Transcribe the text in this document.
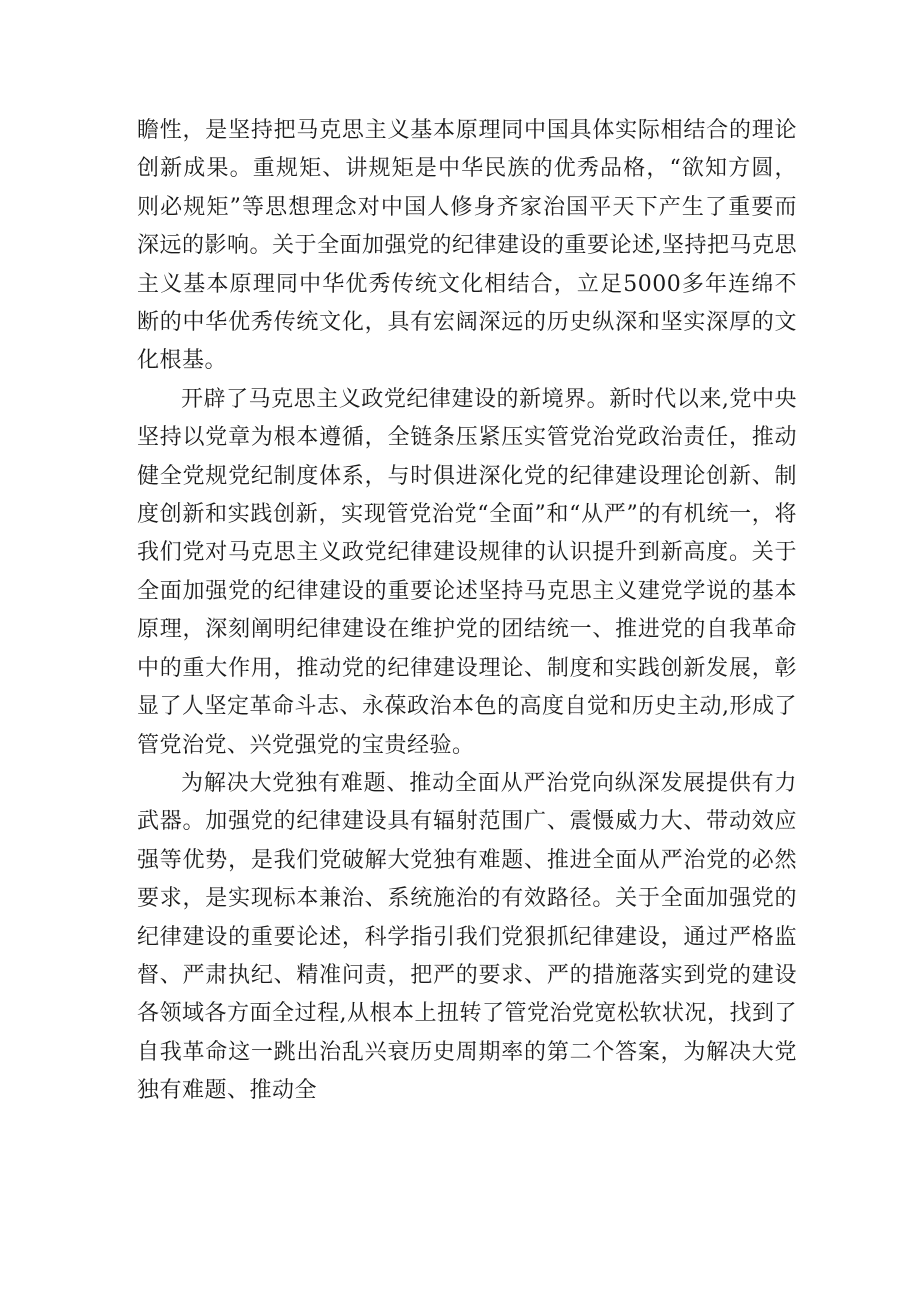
瞻性，是坚持把马克思主义基本原理同中国具体实际相结合的理论创新成果。重规矩、讲规矩是中华民族的优秀品格，“欲知方圆，则必规矩”等思想理念对中国人修身齐家治国平天下产生了重要而深远的影响。关于全面加强党的纪律建设的重要论述,坚持把马克思主义基本原理同中华优秀传统文化相结合，立足5000多年连绵不断的中华优秀传统文化，具有宏阔深远的历史纵深和坚实深厚的文化根基。

开辟了马克思主义政党纪律建设的新境界。新时代以来,党中央坚持以党章为根本遵循，全链条压紧压实管党治党政治责任，推动健全党规党纪制度体系，与时俱进深化党的纪律建设理论创新、制度创新和实践创新，实现管党治党“全面”和“从严”的有机统一，将我们党对马克思主义政党纪律建设规律的认识提升到新高度。关于全面加强党的纪律建设的重要论述坚持马克思主义建党学说的基本原理，深刻阐明纪律建设在维护党的团结统一、推进党的自我革命中的重大作用，推动党的纪律建设理论、制度和实践创新发展，彰显了人坚定革命斗志、永葆政治本色的高度自觉和历史主动,形成了管党治党、兴党强党的宝贵经验。

为解决大党独有难题、推动全面从严治党向纵深发展提供有力武器。加强党的纪律建设具有辐射范围广、震慑威力大、带动效应强等优势，是我们党破解大党独有难题、推进全面从严治党的必然要求，是实现标本兼治、系统施治的有效路径。关于全面加强党的纪律建设的重要论述，科学指引我们党狠抓纪律建设，通过严格监督、严肃执纪、精准问责，把严的要求、严的措施落实到党的建设各领域各方面全过程,从根本上扭转了管党治党宽松软状况，找到了自我革命这一跳出治乱兴衰历史周期率的第二个答案，为解决大党独有难题、推动全
